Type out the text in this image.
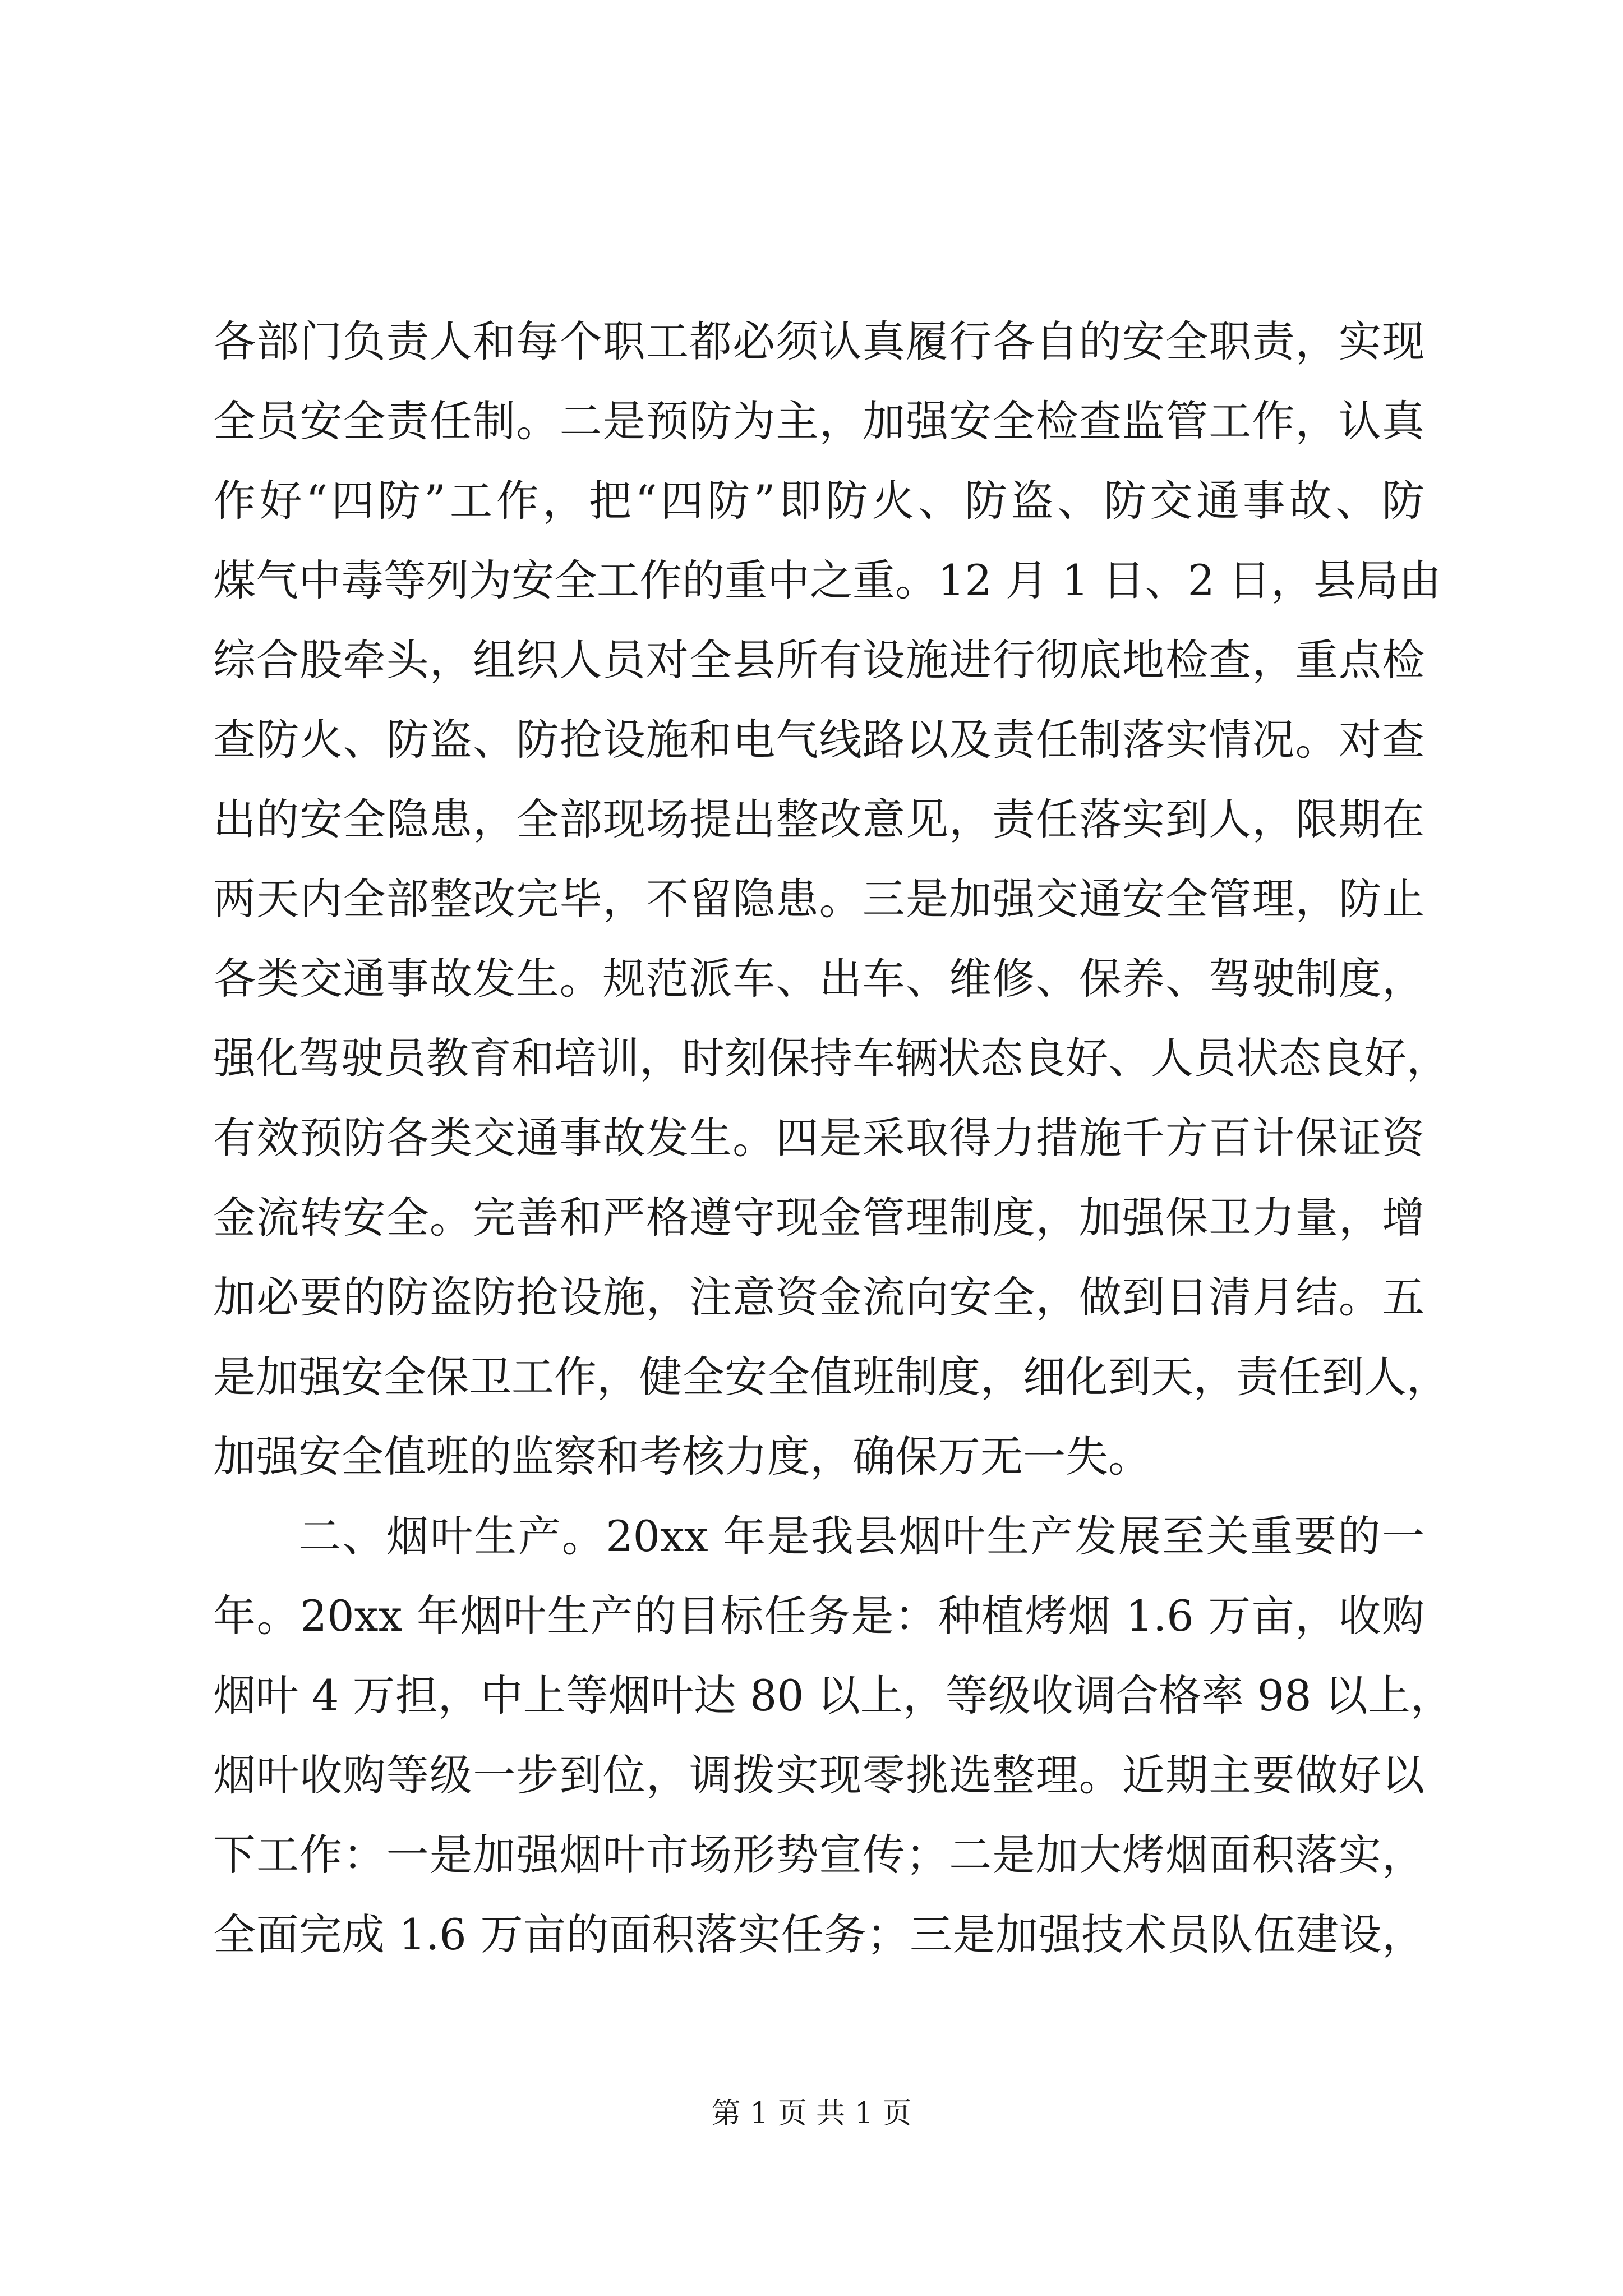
各部门负责人和每个职工都必须认真履行各自的安全职责，实现
全员安全责任制。二是预防为主，加强安全检查监管工作，认真
作好“四防”工作，把“四防”即防火、防盗、防交通事故、防
煤气中毒等列为安全工作的重中之重。12 月 1 日、2 日，县局由
综合股牵头，组织人员对全县所有设施进行彻底地检查，重点检
查防火、防盗、防抢设施和电气线路以及责任制落实情况。对查
出的安全隐患，全部现场提出整改意见，责任落实到人，限期在
两天内全部整改完毕，不留隐患。三是加强交通安全管理，防止
各类交通事故发生。规范派车、出车、维修、保养、驾驶制度，
强化驾驶员教育和培训，时刻保持车辆状态良好、人员状态良好，
有效预防各类交通事故发生。四是采取得力措施千方百计保证资
金流转安全。完善和严格遵守现金管理制度，加强保卫力量，增
加必要的防盗防抢设施，注意资金流向安全，做到日清月结。五
是加强安全保卫工作，健全安全值班制度，细化到天，责任到人，
加强安全值班的监察和考核力度，确保万无一失。
二、烟叶生产。20xx 年是我县烟叶生产发展至关重要的一
年。20xx 年烟叶生产的目标任务是：种植烤烟 1.6 万亩，收购
烟叶 4 万担，中上等烟叶达 80 以上，等级收调合格率 98 以上，
烟叶收购等级一步到位，调拨实现零挑选整理。近期主要做好以
下工作：一是加强烟叶市场形势宣传；二是加大烤烟面积落实，
全面完成 1.6 万亩的面积落实任务；三是加强技术员队伍建设，
第 1 页 共 1 页
